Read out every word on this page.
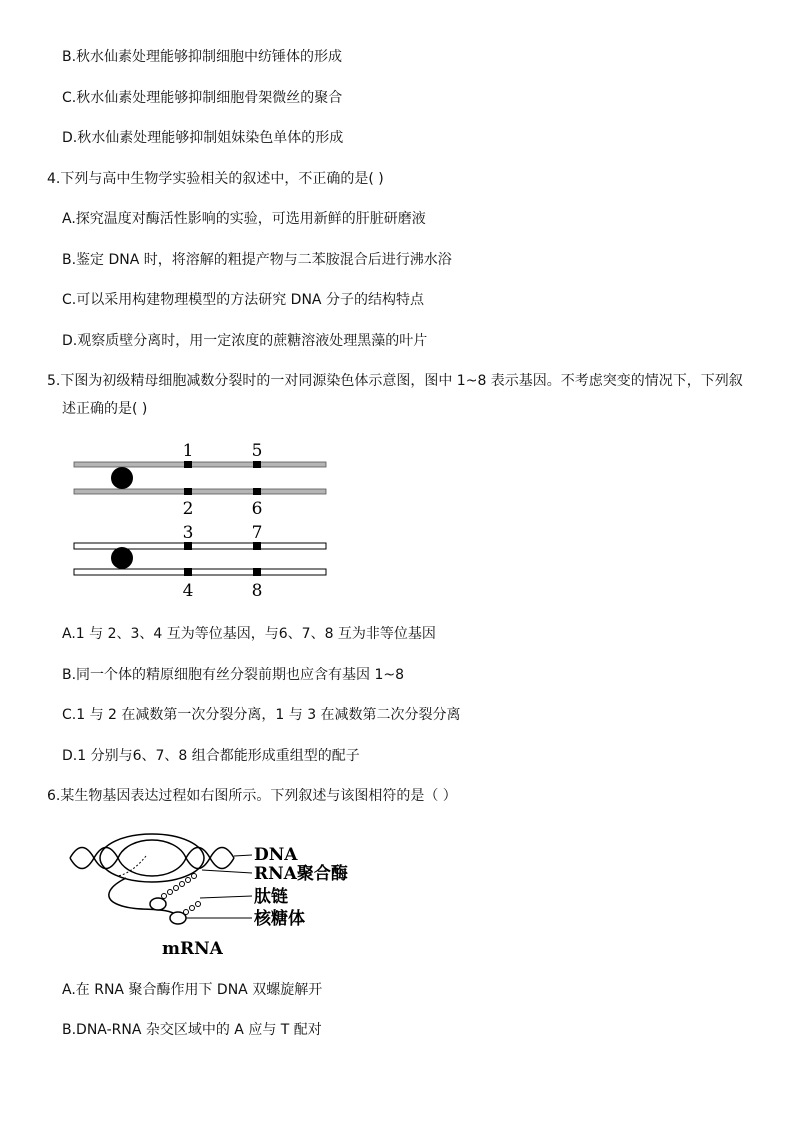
B.秋水仙素处理能够抑制细胞中纺锤体的形成
C.秋水仙素处理能够抑制细胞骨架微丝的聚合
D.秋水仙素处理能够抑制姐妹染色单体的形成
4.下列与高中生物学实验相关的叙述中，不正确的是( )
A.探究温度对酶活性影响的实验，可选用新鲜的肝脏研磨液
B.鉴定 DNA 时，将溶解的粗提产物与二苯胺混合后进行沸水浴
C.可以采用构建物理模型的方法研究 DNA 分子的结构特点
D.观察质壁分离时，用一定浓度的蔗糖溶液处理黑藻的叶片
5.下图为初级精母细胞减数分裂时的一对同源染色体示意图，图中 1~8 表示基因。不考虑突变的情况下，下列叙
述正确的是( )
1	5
2	6
3	7
4	8
A.1 与 2、3、4 互为等位基因，与6、7、8 互为非等位基因
B.同一个体的精原细胞有丝分裂前期也应含有基因 1~8
C.1 与 2 在减数第一次分裂分离，1 与 3 在减数第二次分裂分离
D.1 分别与6、7、8 组合都能形成重组型的配子
6.某生物基因表达过程如右图所示。下列叙述与该图相符的是（ ）
DNA
RNA聚合酶
肽链
核糖体
mRNA
A.在 RNA 聚合酶作用下 DNA 双螺旋解开
B.DNA-RNA 杂交区域中的 A 应与 T 配对
